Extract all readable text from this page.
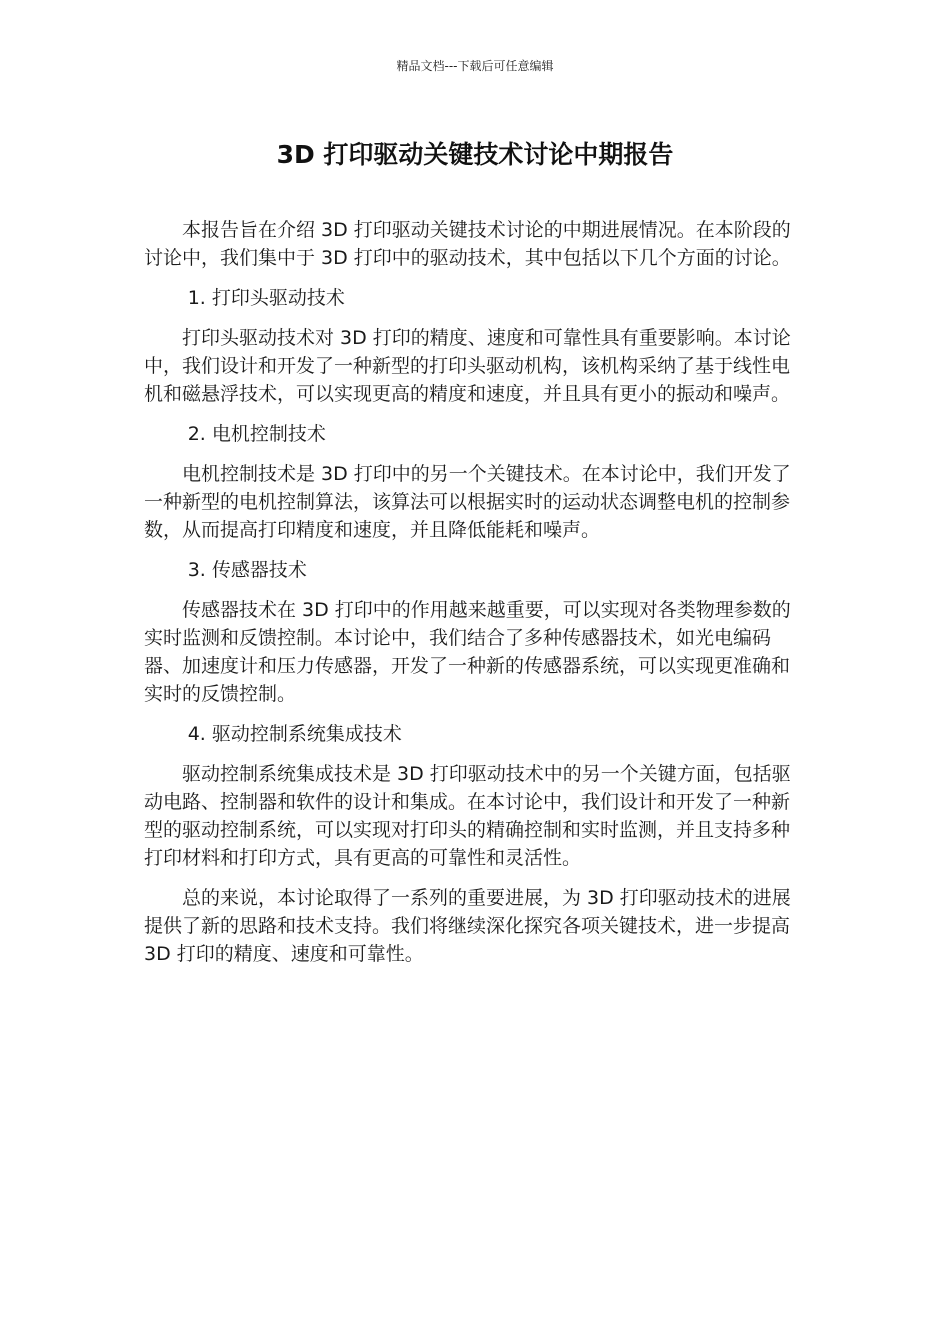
精品文档---下载后可任意编辑
3D 打印驱动关键技术讨论中期报告

本报告旨在介绍 3D 打印驱动关键技术讨论的中期进展情况。在本阶段的讨论中，我们集中于 3D 打印中的驱动技术，其中包括以下几个方面的讨论。

1. 打印头驱动技术

打印头驱动技术对 3D 打印的精度、速度和可靠性具有重要影响。本讨论中，我们设计和开发了一种新型的打印头驱动机构，该机构采纳了基于线性电机和磁悬浮技术，可以实现更高的精度和速度，并且具有更小的振动和噪声。

2. 电机控制技术

电机控制技术是 3D 打印中的另一个关键技术。在本讨论中，我们开发了一种新型的电机控制算法，该算法可以根据实时的运动状态调整电机的控制参数，从而提高打印精度和速度，并且降低能耗和噪声。

3. 传感器技术

传感器技术在 3D 打印中的作用越来越重要，可以实现对各类物理参数的实时监测和反馈控制。本讨论中，我们结合了多种传感器技术，如光电编码器、加速度计和压力传感器，开发了一种新的传感器系统，可以实现更准确和实时的反馈控制。

4. 驱动控制系统集成技术

驱动控制系统集成技术是 3D 打印驱动技术中的另一个关键方面，包括驱动电路、控制器和软件的设计和集成。在本讨论中，我们设计和开发了一种新型的驱动控制系统，可以实现对打印头的精确控制和实时监测，并且支持多种打印材料和打印方式，具有更高的可靠性和灵活性。

总的来说，本讨论取得了一系列的重要进展，为 3D 打印驱动技术的进展提供了新的思路和技术支持。我们将继续深化探究各项关键技术，进一步提高 3D 打印的精度、速度和可靠性。
